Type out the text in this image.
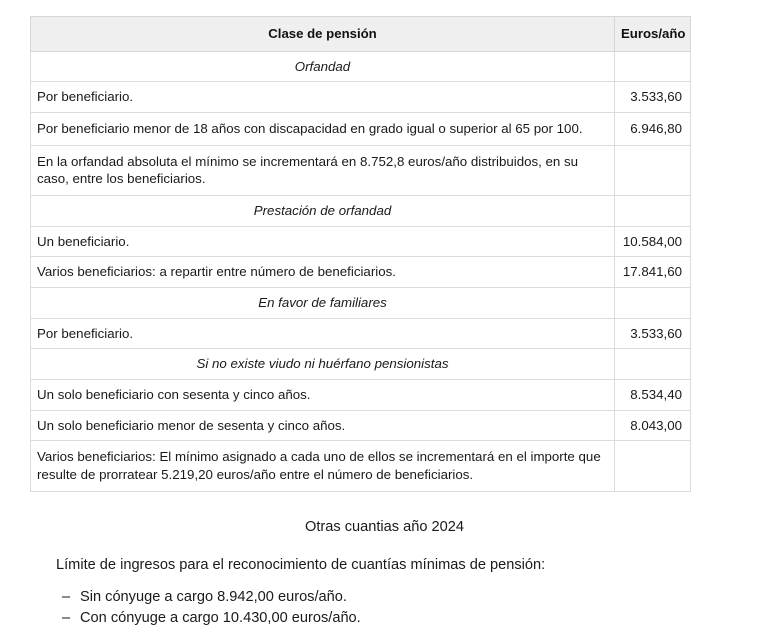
Clase de pensión	Euros/año
Orfandad	
Por beneficiario.	3.533,60
Por beneficiario menor de 18 años con discapacidad en grado igual o superior al 65 por 100.	6.946,80
En la orfandad absoluta el mínimo se incrementará en 8.752,8 euros/año distribuidos, en su caso, entre los beneficiarios.	
Prestación de orfandad	
Un beneficiario.	10.584,00
Varios beneficiarios: a repartir entre número de beneficiarios.	17.841,60
En favor de familiares	
Por beneficiario.	3.533,60
Si no existe viudo ni huérfano pensionistas	
Un solo beneficiario con sesenta y cinco años.	8.534,40
Un solo beneficiario menor de sesenta y cinco años.	8.043,00
Varios beneficiarios: El mínimo asignado a cada uno de ellos se incrementará en el importe que resulte de prorratear 5.219,20 euros/año entre el número de beneficiarios.	

Otras cuantias año 2024

Límite de ingresos para el reconocimiento de cuantías mínimas de pensión:

– Sin cónyuge a cargo 8.942,00 euros/año.
– Con cónyuge a cargo 10.430,00 euros/año.
